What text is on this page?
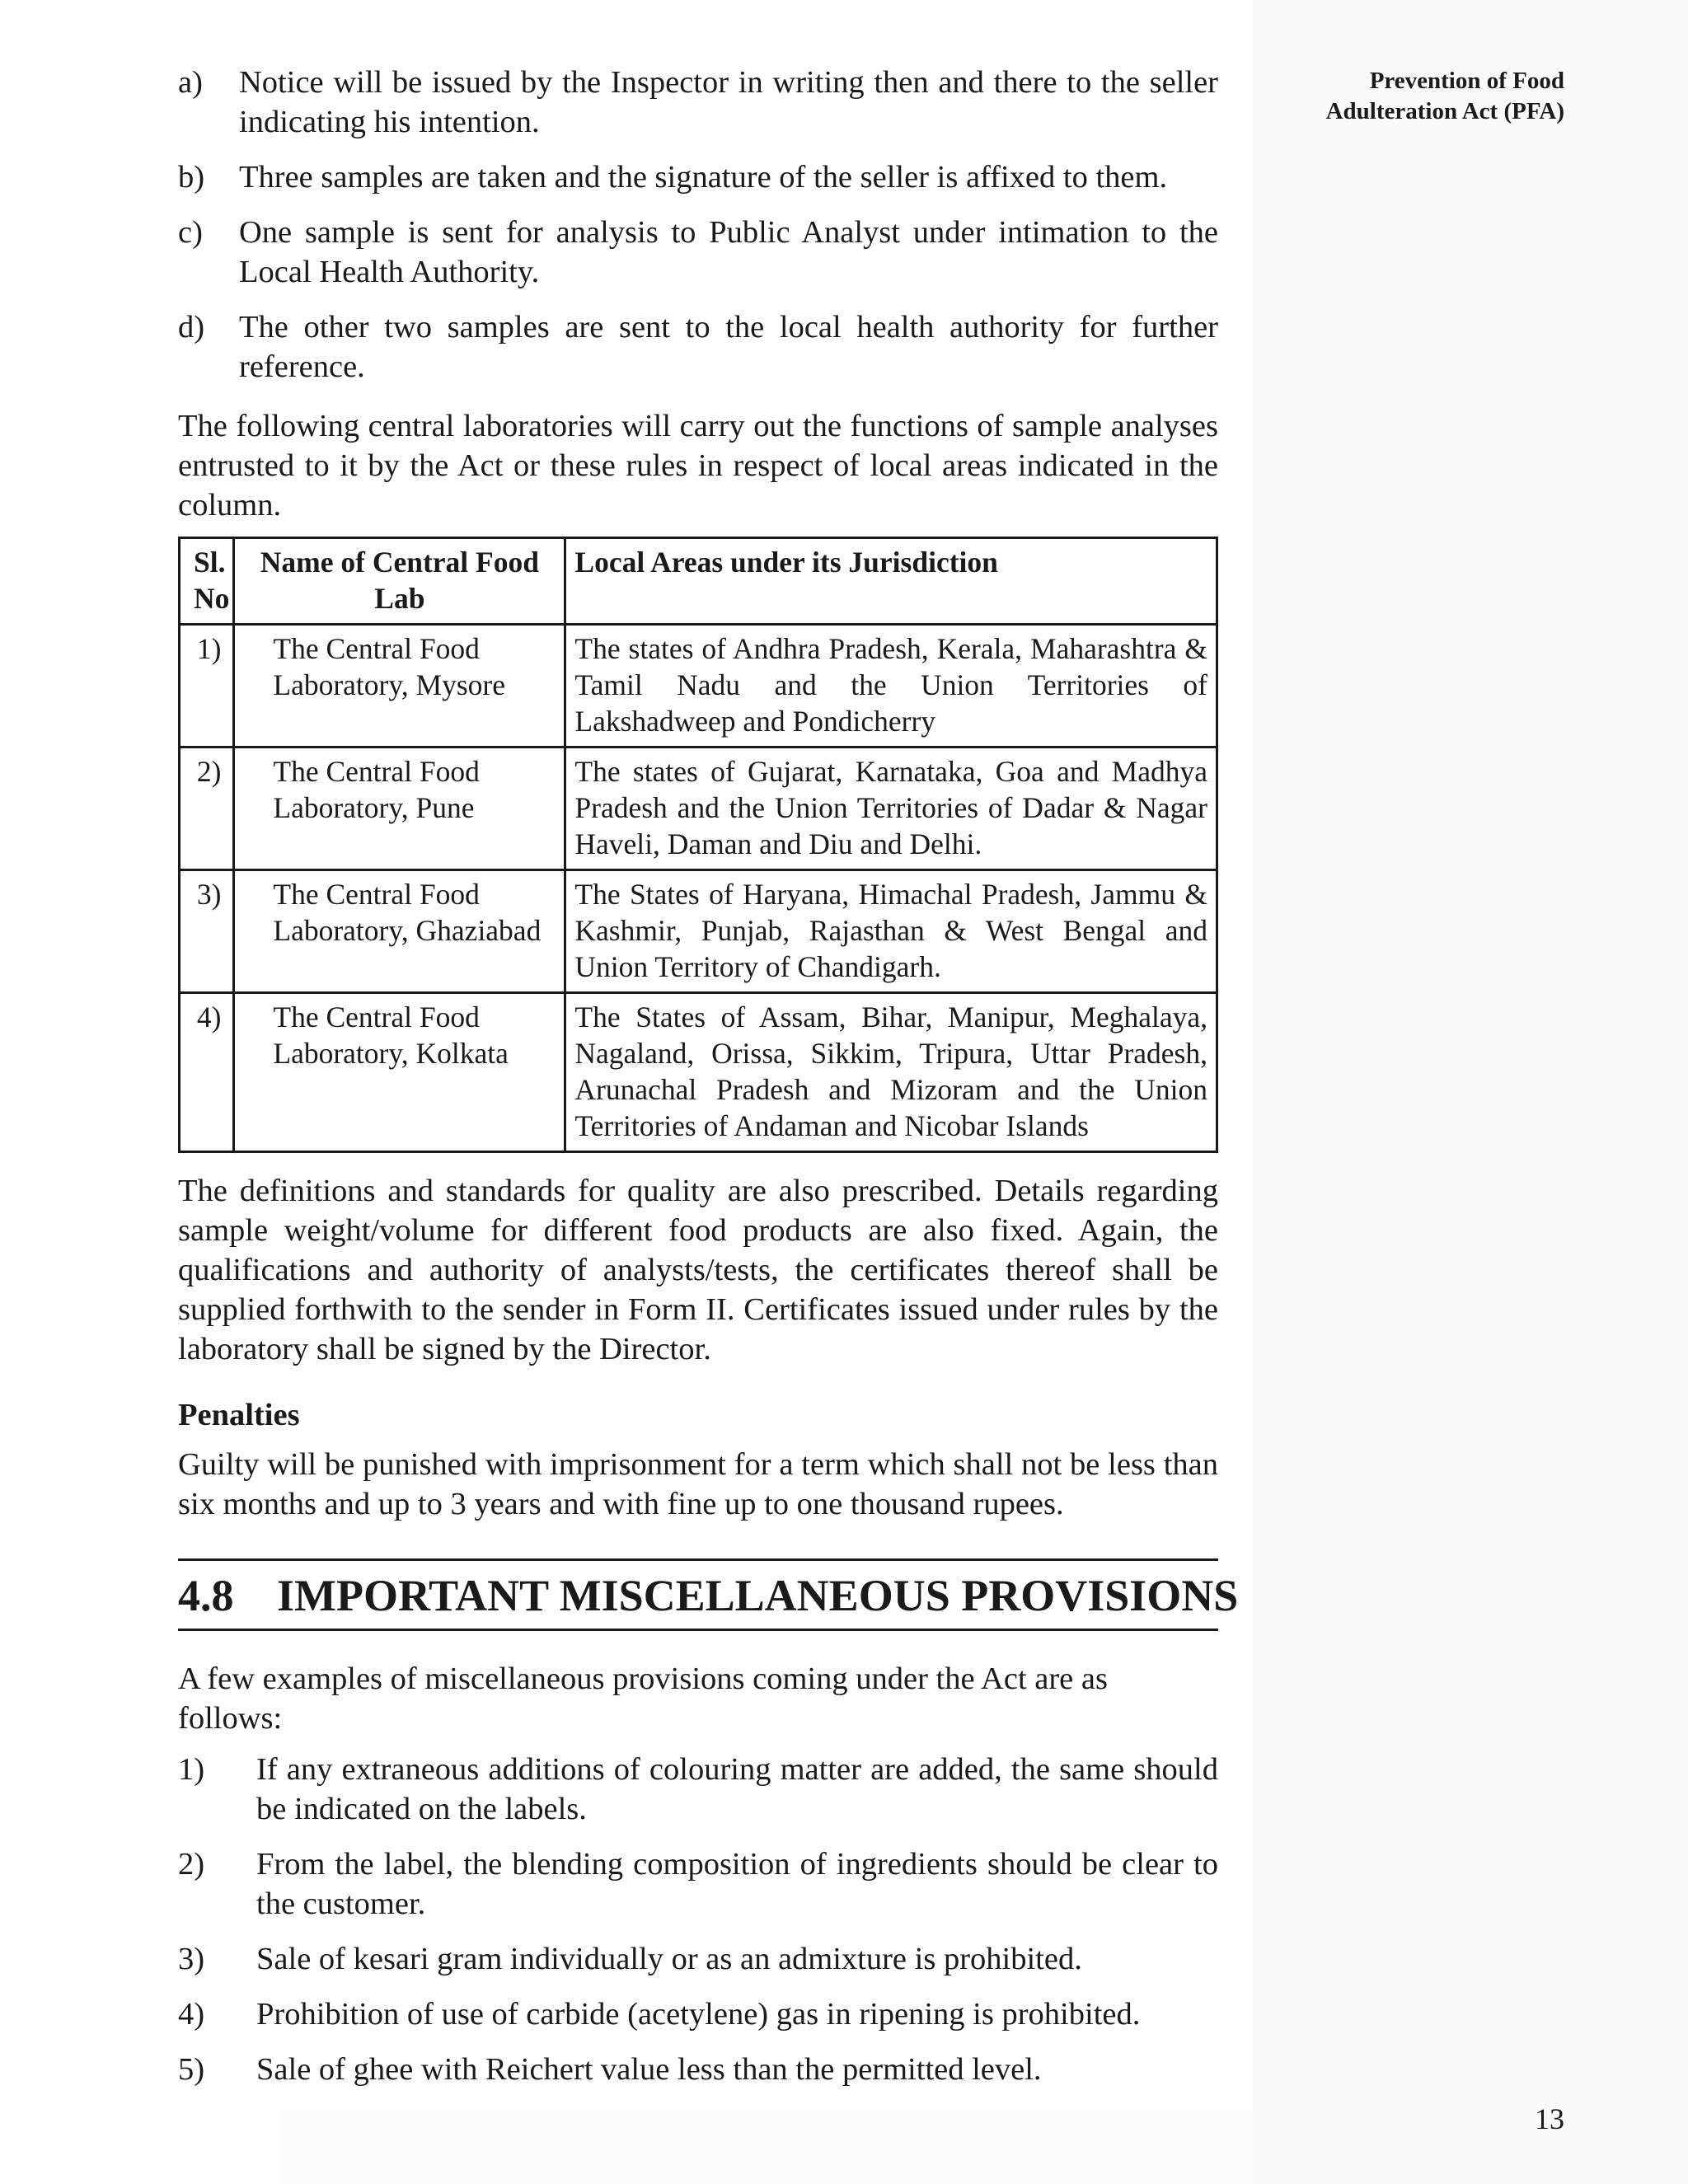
Prevention of Food
Adulteration Act (PFA)
a)	Notice will be issued by the Inspector in writing then and there to the seller indicating his intention.
b)	Three samples are taken and the signature of the seller is affixed to them.
c)	One sample is sent for analysis to Public Analyst under intimation to the Local Health Authority.
d)	The other two samples are sent to the local health authority for further reference.

The following central laboratories will carry out the functions of sample analyses entrusted to it by the Act or these rules in respect of local areas indicated in the column.

Sl. No	Name of Central Food Lab	Local Areas under its Jurisdiction
1)	The Central Food Laboratory, Mysore	The states of Andhra Pradesh, Kerala, Maharashtra & Tamil Nadu and the Union Territories of Lakshadweep and Pondicherry
2)	The Central Food Laboratory, Pune	The states of Gujarat, Karnataka, Goa and Madhya Pradesh and the Union Territories of Dadar & Nagar Haveli, Daman and Diu and Delhi.
3)	The Central Food Laboratory, Ghaziabad	The States of Haryana, Himachal Pradesh, Jammu & Kashmir, Punjab, Rajasthan & West Bengal and Union Territory of Chandigarh.
4)	The Central Food Laboratory, Kolkata	The States of Assam, Bihar, Manipur, Meghalaya, Nagaland, Orissa, Sikkim, Tripura, Uttar Pradesh, Arunachal Pradesh and Mizoram and the Union Territories of Andaman and Nicobar Islands

The definitions and standards for quality are also prescribed. Details regarding sample weight/volume for different food products are also fixed. Again, the qualifications and authority of analysts/tests, the certificates thereof shall be supplied forthwith to the sender in Form II. Certificates issued under rules by the laboratory shall be signed by the Director.

Penalties

Guilty will be punished with imprisonment for a term which shall not be less than six months and up to 3 years and with fine up to one thousand rupees.

4.8 IMPORTANT MISCELLANEOUS PROVISIONS

A few examples of miscellaneous provisions coming under the Act are as follows:

1)	If any extraneous additions of colouring matter are added, the same should be indicated on the labels.
2)	From the label, the blending composition of ingredients should be clear to the customer.
3)	Sale of kesari gram individually or as an admixture is prohibited.
4)	Prohibition of use of carbide (acetylene) gas in ripening is prohibited.
5)	Sale of ghee with Reichert value less than the permitted level.
13
